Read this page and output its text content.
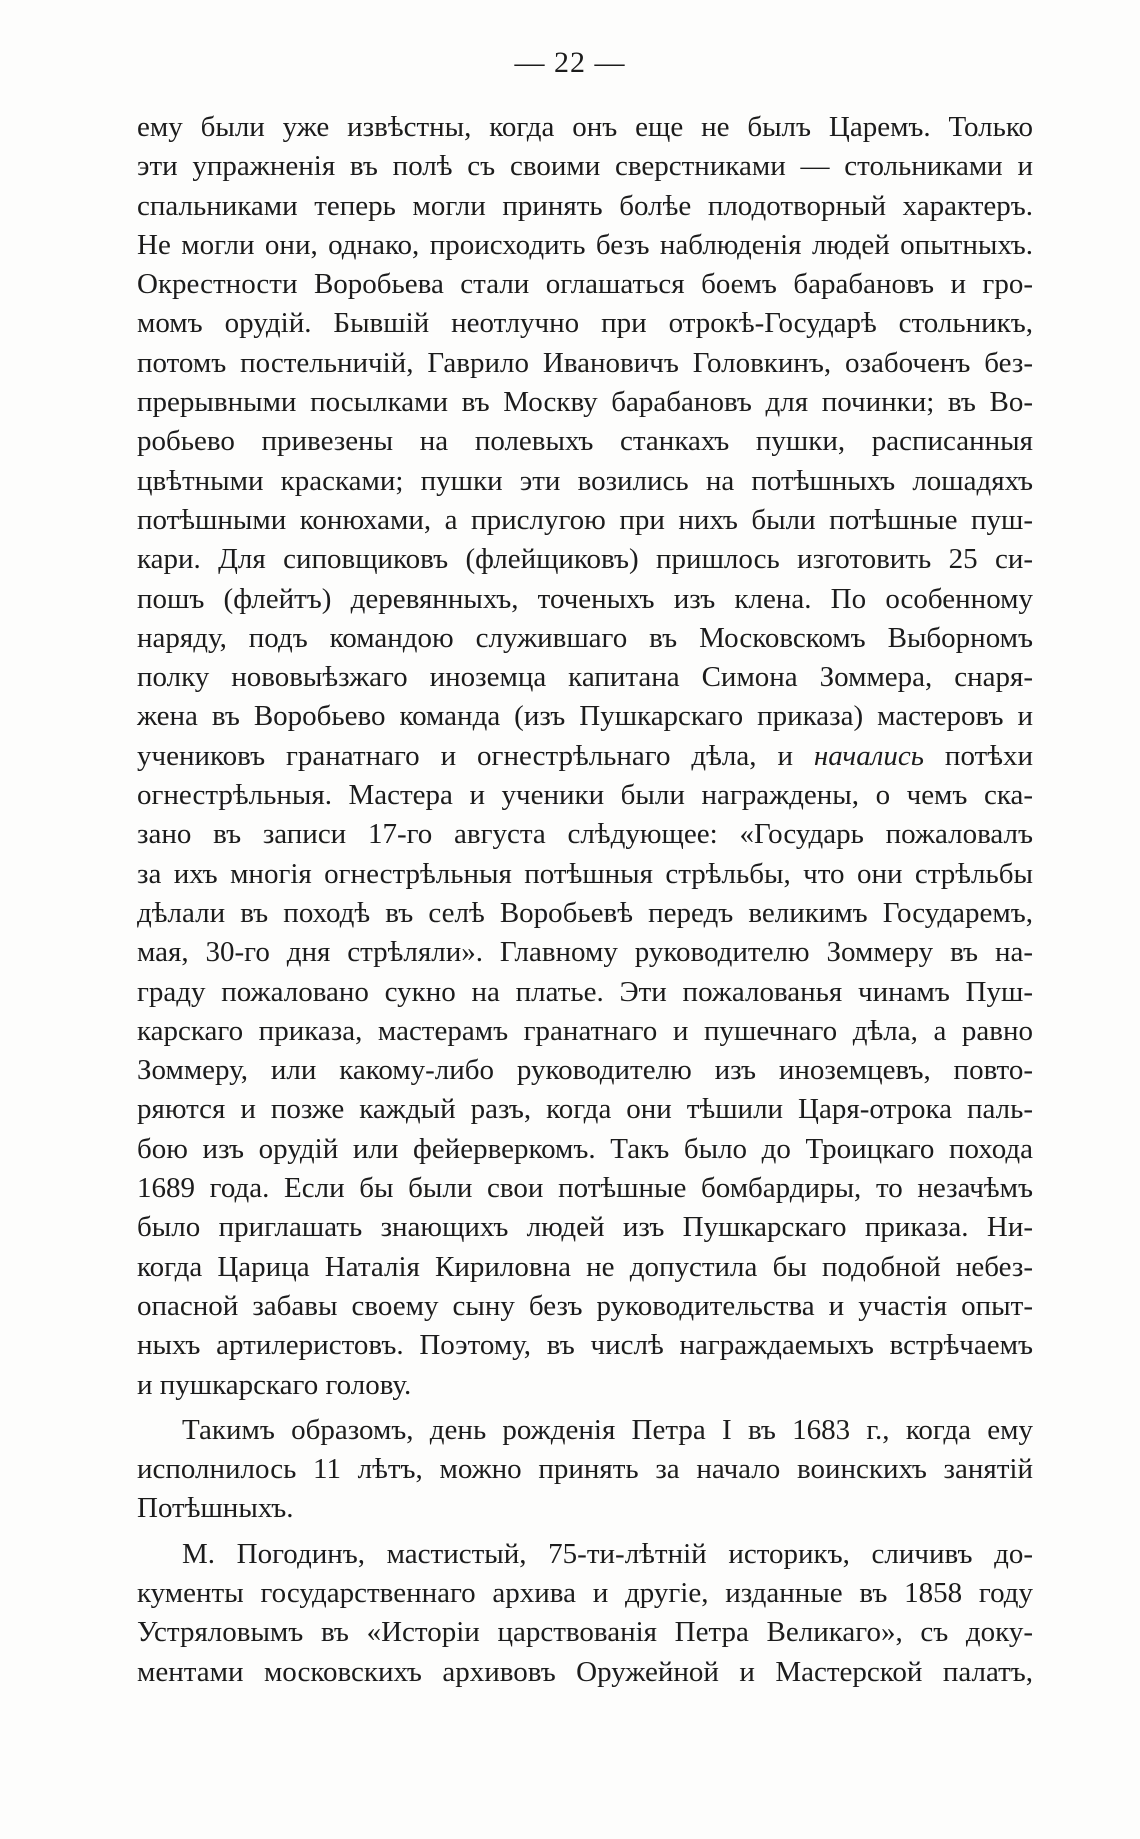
— 22 —
ему были уже извѣстны, когда онъ еще не былъ Царемъ. Только
эти упражненія въ полѣ съ своими сверстниками — стольниками и
спальниками теперь могли принять болѣе плодотворный характеръ.
Не могли они, однако, происходить безъ наблюденія людей опытныхъ.
Окрестности Воробьева стали оглашаться боемъ барабановъ и гро-
момъ орудій. Бывшій неотлучно при отрокѣ-Государѣ стольникъ,
потомъ постельничій, Гаврило Ивановичъ Головкинъ, озабоченъ без-
прерывными посылками въ Москву барабановъ для починки; въ Во-
робьево привезены на полевыхъ станкахъ пушки, расписанныя
цвѣтными красками; пушки эти возились на потѣшныхъ лошадяхъ
потѣшными конюхами, а прислугою при нихъ были потѣшные пуш-
кари. Для сиповщиковъ (флейщиковъ) пришлось изготовить 25 си-
пошъ (флейтъ) деревянныхъ, точеныхъ изъ клена. По особенному
наряду, подъ командою служившаго въ Московскомъ Выборномъ
полку нововыѣзжаго иноземца капитана Симона Зоммера, снаря-
жена въ Воробьево команда (изъ Пушкарскаго приказа) мастеровъ и
учениковъ гранатнаго и огнестрѣльнаго дѣла, и начались потѣхи
огнестрѣльныя. Мастера и ученики были награждены, о чемъ ска-
зано въ записи 17-го августа слѣдующее: «Государь пожаловалъ
за ихъ многія огнестрѣльныя потѣшныя стрѣльбы, что они стрѣльбы
дѣлали въ походѣ въ селѣ Воробьевѣ передъ великимъ Государемъ,
мая, 30-го дня стрѣляли». Главному руководителю Зоммеру въ на-
граду пожаловано сукно на платье. Эти пожалованья чинамъ Пуш-
карскаго приказа, мастерамъ гранатнаго и пушечнаго дѣла, а равно
Зоммеру, или какому-либо руководителю изъ иноземцевъ, повто-
ряются и позже каждый разъ, когда они тѣшили Царя-отрока паль-
бою изъ орудій или фейерверкомъ. Такъ было до Троицкаго похода
1689 года. Если бы были свои потѣшные бомбардиры, то незачѣмъ
было приглашать знающихъ людей изъ Пушкарскаго приказа. Ни-
когда Царица Наталія Кириловна не допустила бы подобной небез-
опасной забавы своему сыну безъ руководительства и участія опыт-
ныхъ артилеристовъ. Поэтому, въ числѣ награждаемыхъ встрѣчаемъ
и пушкарскаго голову.
Такимъ образомъ, день рожденія Петра I въ 1683 г., когда ему
исполнилось 11 лѣтъ, можно принять за начало воинскихъ занятій
Потѣшныхъ.
М. Погодинъ, мастистый, 75-ти-лѣтній историкъ, сличивъ до-
кументы государственнаго архива и другіе, изданные въ 1858 году
Устряловымъ въ «Исторіи царствованія Петра Великаго», съ доку-
ментами московскихъ архивовъ Оружейной и Мастерской палатъ,
